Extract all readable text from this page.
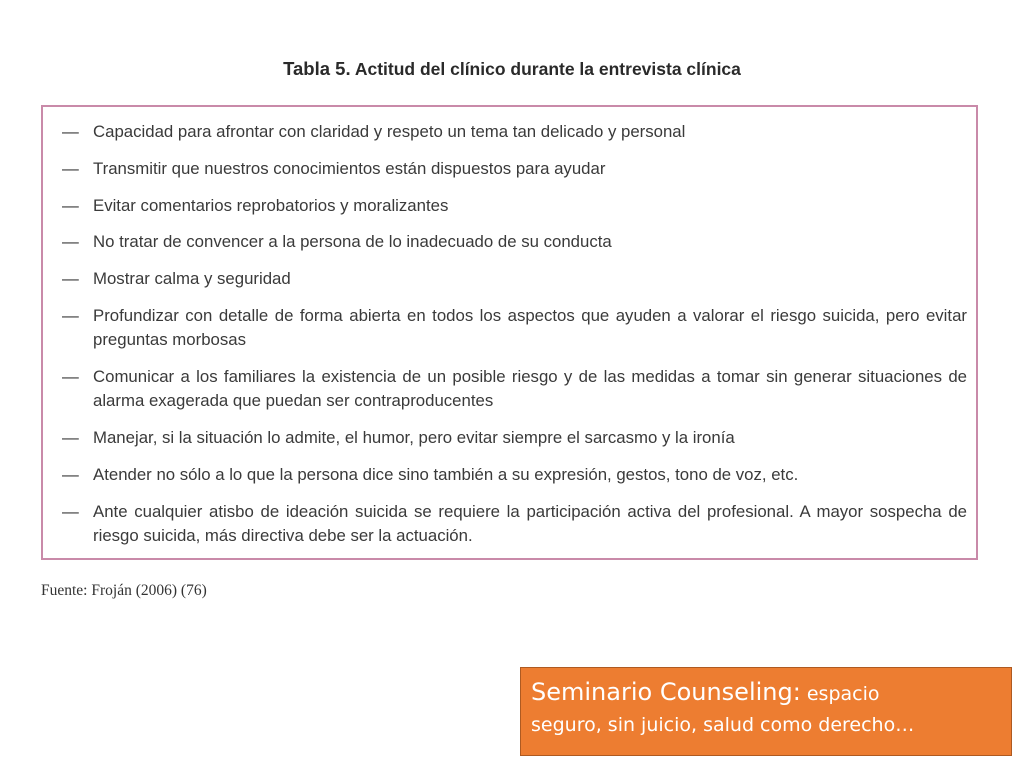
Tabla 5. Actitud del clínico durante la entrevista clínica
— Capacidad para afrontar con claridad y respeto un tema tan delicado y personal
— Transmitir que nuestros conocimientos están dispuestos para ayudar
— Evitar comentarios reprobatorios y moralizantes
— No tratar de convencer a la persona de lo inadecuado de su conducta
— Mostrar calma y seguridad
— Profundizar con detalle de forma abierta en todos los aspectos que ayuden a valorar el riesgo suicida, pero evitar preguntas morbosas
— Comunicar a los familiares la existencia de un posible riesgo y de las medidas a tomar sin generar situaciones de alarma exagerada que puedan ser contraproducentes
— Manejar, si la situación lo admite, el humor, pero evitar siempre el sarcasmo y la ironía
— Atender no sólo a lo que la persona dice sino también a su expresión, gestos, tono de voz, etc.
— Ante cualquier atisbo de ideación suicida se requiere la participación activa del profesional. A mayor sospecha de riesgo suicida, más directiva debe ser la actuación.
Fuente: Froján (2006) (76)
Seminario Counseling: espacio
seguro, sin juicio, salud como derecho…
